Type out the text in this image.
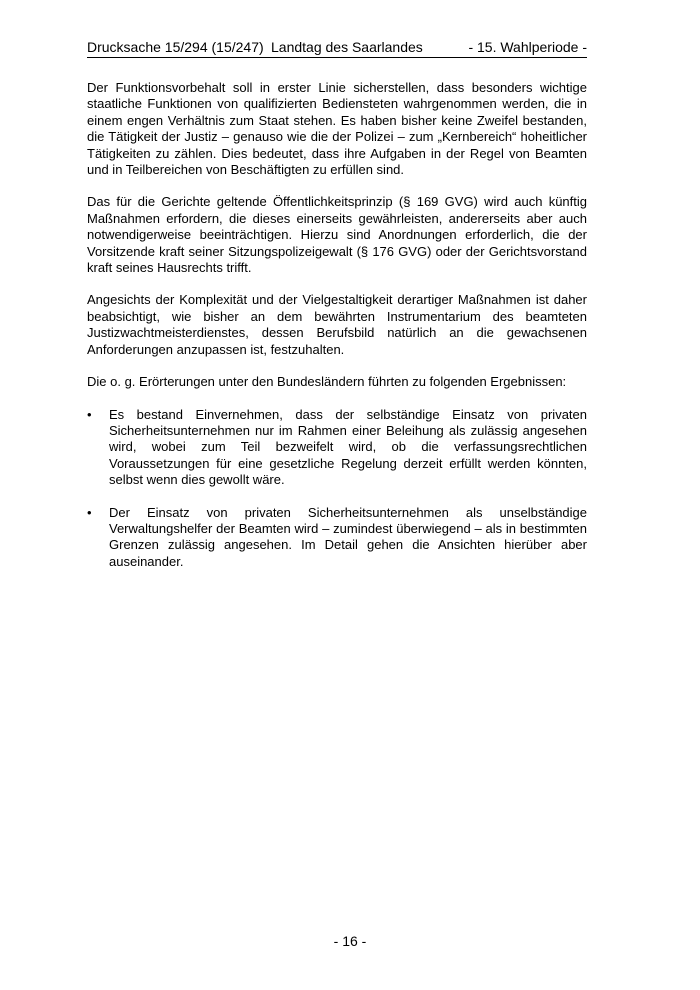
Drucksache 15/294 (15/247) Landtag des Saarlandes	- 15. Wahlperiode -

Der Funktionsvorbehalt soll in erster Linie sicherstellen, dass besonders wichtige staatliche Funktionen von qualifizierten Bediensteten wahrgenommen werden, die in einem engen Verhältnis zum Staat stehen. Es haben bisher keine Zweifel bestanden, die Tätigkeit der Justiz – genauso wie die der Polizei – zum „Kernbereich“ hoheitlicher Tätigkeiten zu zählen. Dies bedeutet, dass ihre Aufgaben in der Regel von Beamten und in Teilbereichen von Beschäftigten zu erfüllen sind.

Das für die Gerichte geltende Öffentlichkeitsprinzip (§ 169 GVG) wird auch künftig Maßnahmen erfordern, die dieses einerseits gewährleisten, andererseits aber auch notwendigerweise beeinträchtigen. Hierzu sind Anordnungen erforderlich, die der Vorsitzende kraft seiner Sitzungspolizeigewalt (§ 176 GVG) oder der Gerichtsvorstand kraft seines Hausrechts trifft.

Angesichts der Komplexität und der Vielgestaltigkeit derartiger Maßnahmen ist daher beabsichtigt, wie bisher an dem bewährten Instrumentarium des beamteten Justizwachtmeisterdienstes, dessen Berufsbild natürlich an die gewachsenen Anforderungen anzupassen ist, festzuhalten.

Die o. g. Erörterungen unter den Bundesländern führten zu folgenden Ergebnissen:

• Es bestand Einvernehmen, dass der selbständige Einsatz von privaten Sicherheitsunternehmen nur im Rahmen einer Beleihung als zulässig angesehen wird, wobei zum Teil bezweifelt wird, ob die verfassungsrechtlichen Voraussetzungen für eine gesetzliche Regelung derzeit erfüllt werden könnten, selbst wenn dies gewollt wäre.
• Der Einsatz von privaten Sicherheitsunternehmen als unselbständige Verwaltungshelfer der Beamten wird – zumindest überwiegend – als in bestimmten Grenzen zulässig angesehen. Im Detail gehen die Ansichten hierüber aber auseinander.
- 16 -
